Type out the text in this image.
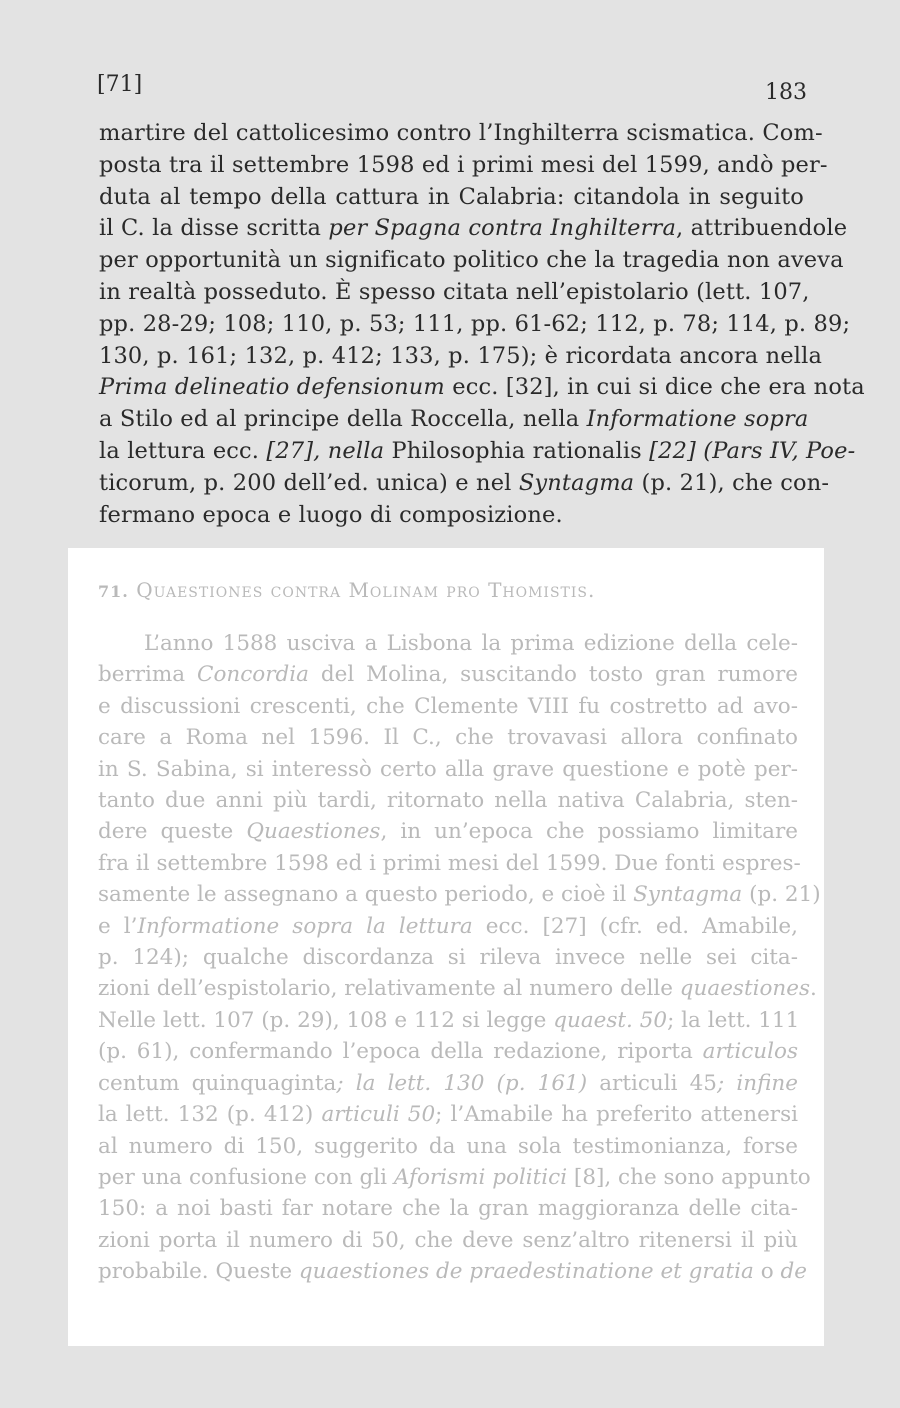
[71]	183
martire del cattolicesimo contro l’Inghilterra scismatica. Com-
posta tra il settembre 1598 ed i primi mesi del 1599, andò per-
duta al tempo della cattura in Calabria: citandola in seguito
il C. la disse scritta per Spagna contra Inghilterra, attribuendole
per opportunità un significato politico che la tragedia non aveva
in realtà posseduto. È spesso citata nell’epistolario (lett. 107,
pp. 28-29; 108; 110, p. 53; 111, pp. 61-62; 112, p. 78; 114, p. 89;
130, p. 161; 132, p. 412; 133, p. 175); è ricordata ancora nella
Prima delineatio defensionum ecc. [32], in cui si dice che era nota
a Stilo ed al principe della Roccella, nella Informatione sopra
la lettura ecc. [27], nella Philosophia rationalis [22] (Pars IV, Poe-
ticorum, p. 200 dell’ed. unica) e nel Syntagma (p. 21), che con-
fermano epoca e luogo di composizione.
71. Quaestiones contra Molinam pro Thomistis.
L’anno 1588 usciva a Lisbona la prima edizione della cele-
berrima Concordia del Molina, suscitando tosto gran rumore
e discussioni crescenti, che Clemente VIII fu costretto ad avo-
care a Roma nel 1596. Il C., che trovavasi allora confinato
in S. Sabina, si interessò certo alla grave questione e potè per-
tanto due anni più tardi, ritornato nella nativa Calabria, sten-
dere queste Quaestiones, in un’epoca che possiamo limitare
fra il settembre 1598 ed i primi mesi del 1599. Due fonti espres-
samente le assegnano a questo periodo, e cioè il Syntagma (p. 21)
e l’Informatione sopra la lettura ecc. [27] (cfr. ed. Amabile,
p. 124); qualche discordanza si rileva invece nelle sei cita-
zioni dell’espistolario, relativamente al numero delle quaestiones.
Nelle lett. 107 (p. 29), 108 e 112 si legge quaest. 50; la lett. 111
(p. 61), confermando l’epoca della redazione, riporta articulos
centum quinquaginta; la lett. 130 (p. 161) articuli 45; infine
la lett. 132 (p. 412) articuli 50; l’Amabile ha preferito attenersi
al numero di 150, suggerito da una sola testimonianza, forse
per una confusione con gli Aforismi politici [8], che sono appunto
150: a noi basti far notare che la gran maggioranza delle cita-
zioni porta il numero di 50, che deve senz’altro ritenersi il più
probabile. Queste quaestiones de praedestinatione et gratia o de
